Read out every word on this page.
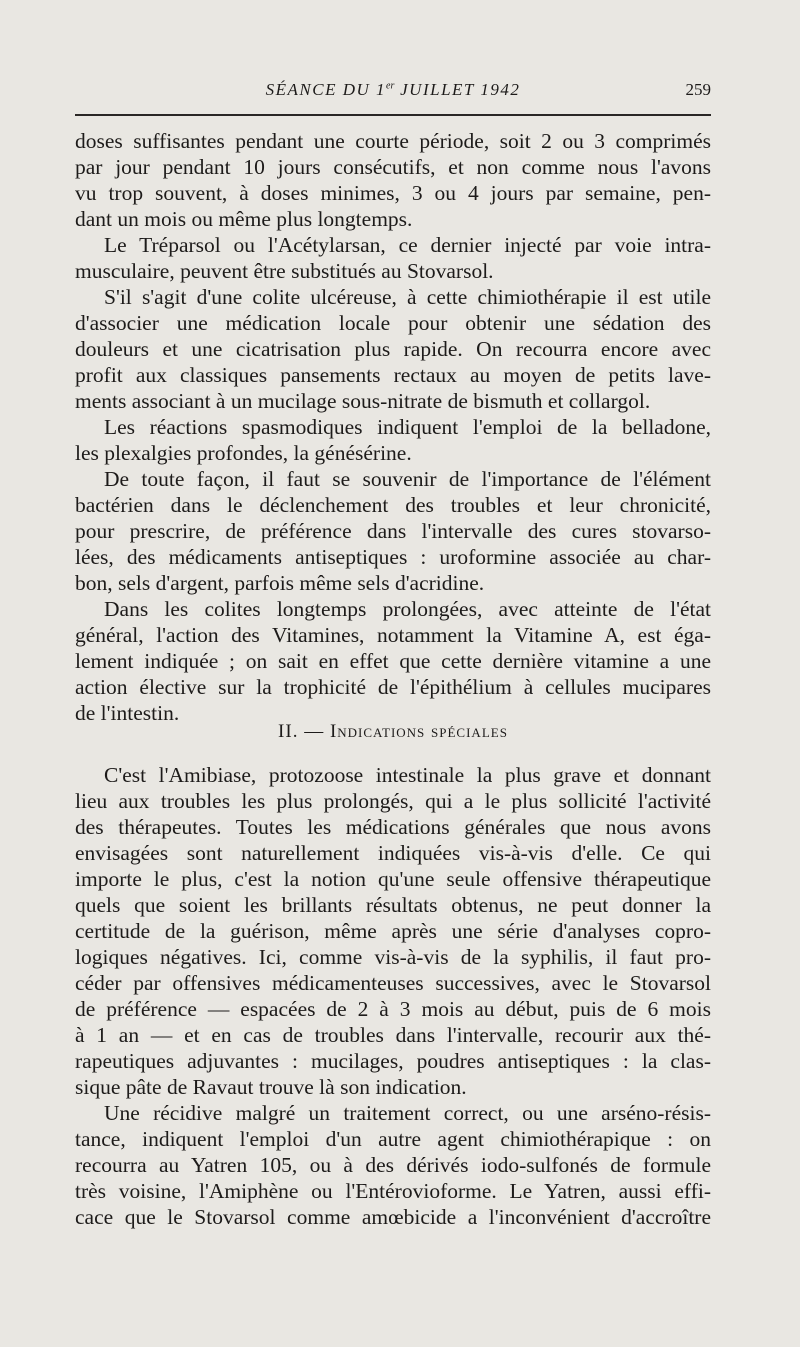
SÉANCE DU 1er JUILLET 1942	259

doses suffisantes pendant une courte période, soit 2 ou 3 comprimés

par jour pendant 10 jours consécutifs, et non comme nous l'avons

vu trop souvent, à doses minimes, 3 ou 4 jours par semaine, pen-

dant un mois ou même plus longtemps.

Le Tréparsol ou l'Acétylarsan, ce dernier injecté par voie intra-

musculaire, peuvent être substitués au Stovarsol.

S'il s'agit d'une colite ulcéreuse, à cette chimiothérapie il est utile

d'associer une médication locale pour obtenir une sédation des

douleurs et une cicatrisation plus rapide. On recourra encore avec

profit aux classiques pansements rectaux au moyen de petits lave-

ments associant à un mucilage sous-nitrate de bismuth et collargol.

Les réactions spasmodiques indiquent l'emploi de la belladone,

les plexalgies profondes, la génésérine.

De toute façon, il faut se souvenir de l'importance de l'élément

bactérien dans le déclenchement des troubles et leur chronicité,

pour prescrire, de préférence dans l'intervalle des cures stovarso-

lées, des médicaments antiseptiques : uroformine associée au char-

bon, sels d'argent, parfois même sels d'acridine.

Dans les colites longtemps prolongées, avec atteinte de l'état

général, l'action des Vitamines, notamment la Vitamine A, est éga-

lement indiquée ; on sait en effet que cette dernière vitamine a une

action élective sur la trophicité de l'épithélium à cellules mucipares

de l'intestin.

II. — Indications spéciales

C'est l'Amibiase, protozoose intestinale la plus grave et donnant

lieu aux troubles les plus prolongés, qui a le plus sollicité l'activité

des thérapeutes. Toutes les médications générales que nous avons

envisagées sont naturellement indiquées vis-à-vis d'elle. Ce qui

importe le plus, c'est la notion qu'une seule offensive thérapeutique

quels que soient les brillants résultats obtenus, ne peut donner la

certitude de la guérison, même après une série d'analyses copro-

logiques négatives. Ici, comme vis-à-vis de la syphilis, il faut pro-

céder par offensives médicamenteuses successives, avec le Stovarsol

de préférence — espacées de 2 à 3 mois au début, puis de 6 mois

à 1 an — et en cas de troubles dans l'intervalle, recourir aux thé-

rapeutiques adjuvantes : mucilages, poudres antiseptiques : la clas-

sique pâte de Ravaut trouve là son indication.

Une récidive malgré un traitement correct, ou une arséno-résis-

tance, indiquent l'emploi d'un autre agent chimiothérapique : on

recourra au Yatren 105, ou à des dérivés iodo-sulfonés de formule

très voisine, l'Amiphène ou l'Entérovioforme. Le Yatren, aussi effi-

cace que le Stovarsol comme amœbicide a l'inconvénient d'accroître
